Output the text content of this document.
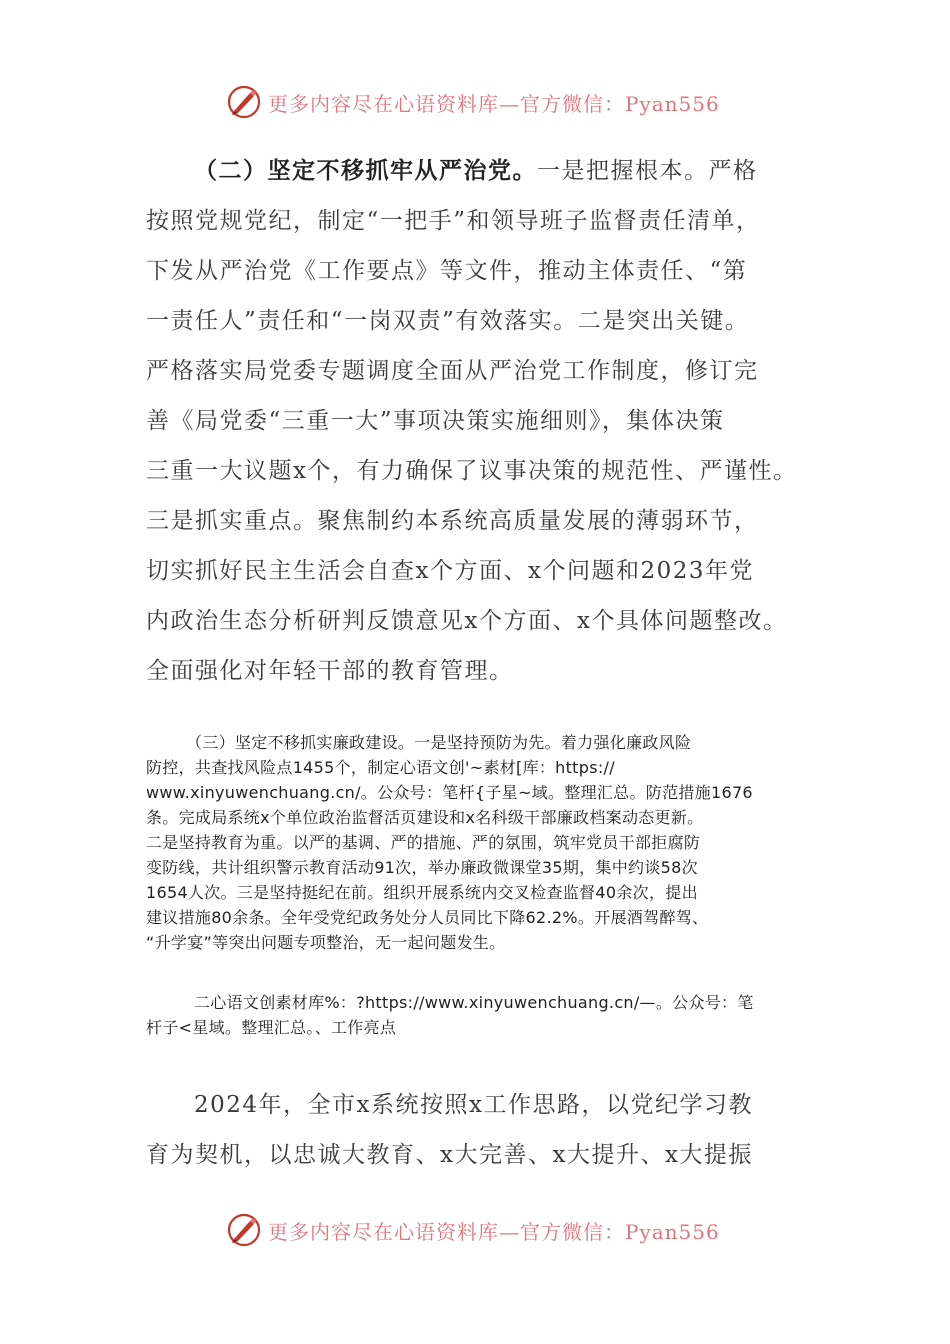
更多内容尽在心语资料库—官方微信：Pyan556
（二）坚定不移抓牢从严治党。一是把握根本。严格
按照党规党纪，制定“一把手”和领导班子监督责任清单，
下发从严治党《工作要点》等文件，推动主体责任、“第
一责任人”责任和“一岗双责”有效落实。二是突出关键。
严格落实局党委专题调度全面从严治党工作制度，修订完
善《局党委“三重一大”事项决策实施细则》，集体决策
三重一大议题x个，有力确保了议事决策的规范性、严谨性。
三是抓实重点。聚焦制约本系统高质量发展的薄弱环节，
切实抓好民主生活会自查x个方面、x个问题和2023年党
内政治生态分析研判反馈意见x个方面、x个具体问题整改。
全面强化对年轻干部的教育管理。
（三）坚定不移抓实廉政建设。一是坚持预防为先。着力强化廉政风险
防控，共查找风险点1455个，制定心语文创'~素材[库：https://
www.xinyuwenchuang.cn/。公众号：笔杆{子星~域。整理汇总。防范措施1676
条。完成局系统x个单位政治监督活页建设和x名科级干部廉政档案动态更新。
二是坚持教育为重。以严的基调、严的措施、严的氛围，筑牢党员干部拒腐防
变防线，共计组织警示教育活动91次，举办廉政微课堂35期，集中约谈58次
1654人次。三是坚持挺纪在前。组织开展系统内交叉检查监督40余次，提出
建议措施80余条。全年受党纪政务处分人员同比下降62.2%。开展酒驾醉驾、
“升学宴”等突出问题专项整治，无一起问题发生。
二心语文创素材库%：?https://www.xinyuwenchuang.cn/—。公众号：笔
杆子<星域。整理汇总。、工作亮点
2024年，全市x系统按照x工作思路，以党纪学习教
育为契机，以忠诚大教育、x大完善、x大提升、x大提振
更多内容尽在心语资料库—官方微信：Pyan556
